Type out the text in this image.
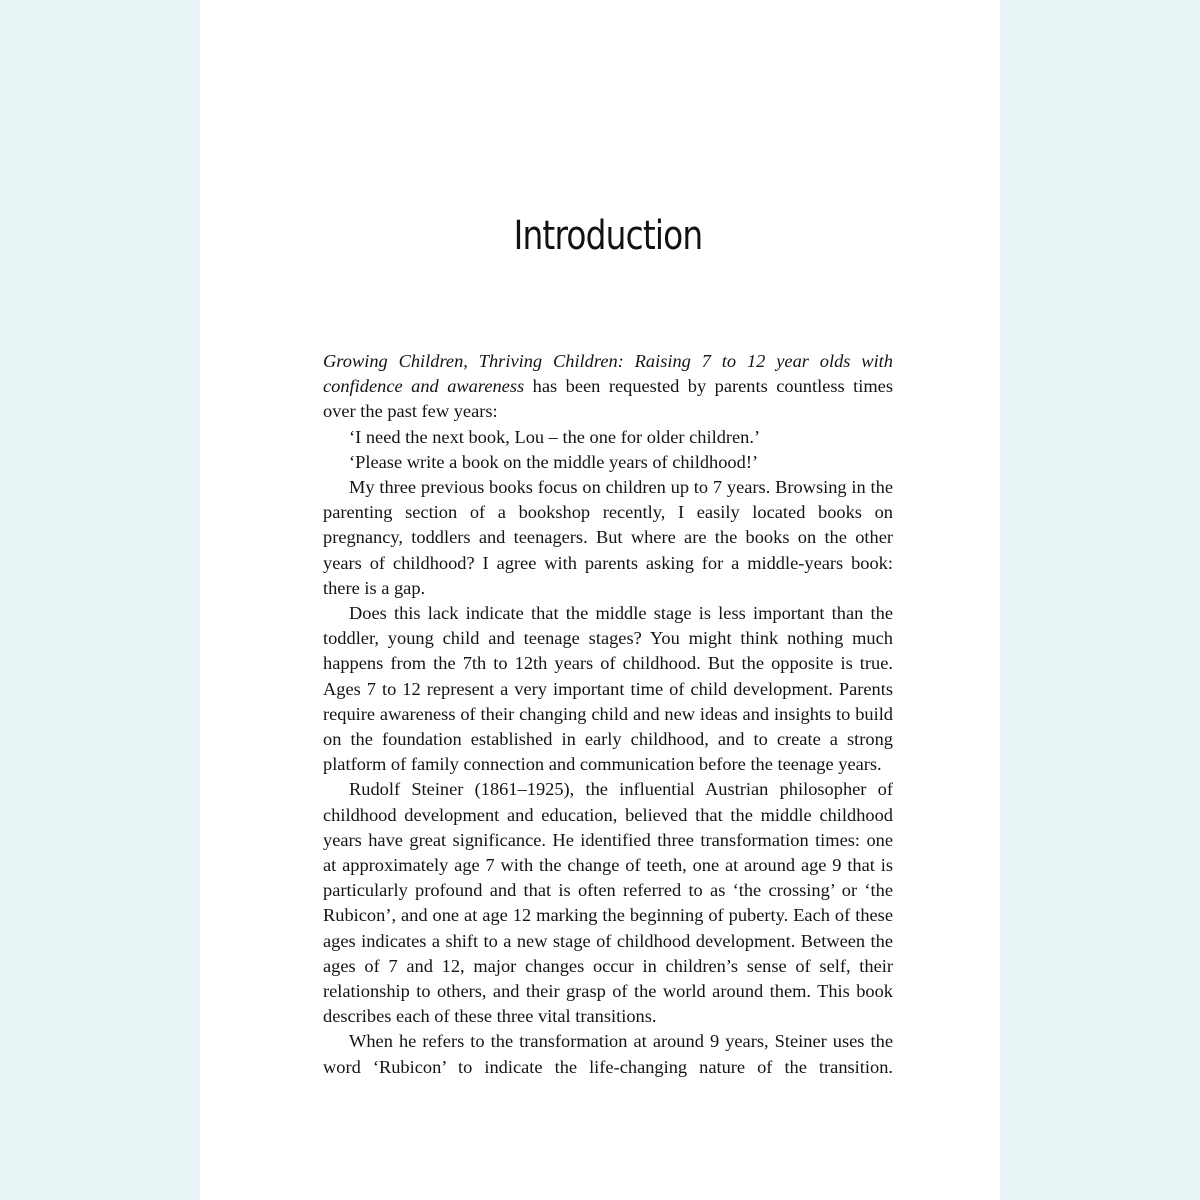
Introduction

Growing Children, Thriving Children: Raising 7 to 12 year olds with confidence and awareness has been requested by parents countless times over the past few years:

‘I need the next book, Lou – the one for older children.’

‘Please write a book on the middle years of childhood!’

My three previous books focus on children up to 7 years. Browsing in the parenting section of a bookshop recently, I easily located books on pregnancy, toddlers and teenagers. But where are the books on the other years of childhood? I agree with parents asking for a middle-years book: there is a gap.

Does this lack indicate that the middle stage is less important than the toddler, young child and teenage stages? You might think nothing much happens from the 7th to 12th years of childhood. But the opposite is true. Ages 7 to 12 represent a very important time of child development. Parents require awareness of their changing child and new ideas and insights to build on the foundation established in early childhood, and to create a strong platform of family connection and communication before the teenage years.

Rudolf Steiner (1861–1925), the influential Austrian philosopher of childhood development and education, believed that the middle childhood years have great significance. He identified three transformation times: one at approximately age 7 with the change of teeth, one at around age 9 that is particularly profound and that is often referred to as ‘the crossing’ or ‘the Rubicon’, and one at age 12 marking the beginning of puberty. Each of these ages indicates a shift to a new stage of childhood development. Between the ages of 7 and 12, major changes occur in children’s sense of self, their relationship to others, and their grasp of the world around them. This book describes each of these three vital transitions.

When he refers to the transformation at around 9 years, Steiner uses the word ‘Rubicon’ to indicate the life-changing nature of the transition.
